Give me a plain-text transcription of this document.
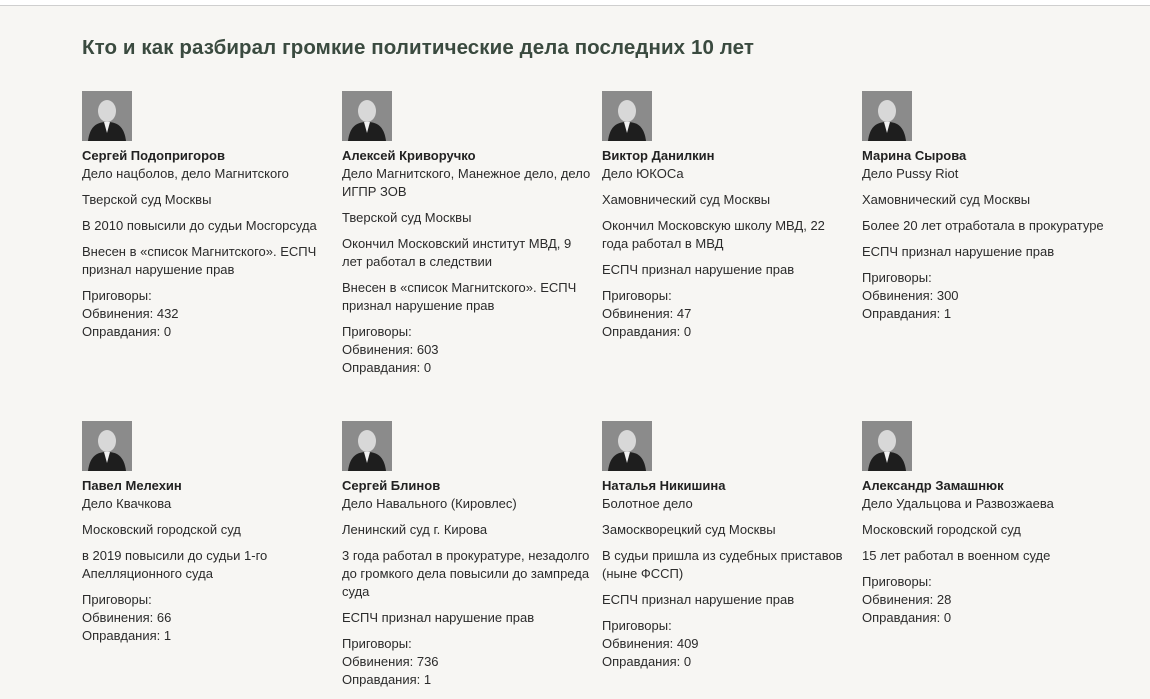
Кто и как разбирал громкие политические дела последних 10 лет
Сергей Подопригоров

Дело нацболов, дело Магнитского

Тверской суд Москвы

В 2010 повысили до судьи Мосгорсуда

Внесен в «список Магнитского». ЕСПЧ признал нарушение прав

Приговоры:

Обвинения: 432

Оправдания: 0

Алексей Криворучко

Дело Магнитского, Манежное дело, дело ИГПР ЗОВ

Тверской суд Москвы

Окончил Московский институт МВД, 9 лет работал в следствии

Внесен в «список Магнитского». ЕСПЧ признал нарушение прав

Приговоры:

Обвинения: 603

Оправдания: 0

Виктор Данилкин

Дело ЮКОСа

Хамовнический суд Москвы

Окончил Московскую школу МВД, 22 года работал в МВД

ЕСПЧ признал нарушение прав

Приговоры:

Обвинения: 47

Оправдания: 0

Марина Сырова

Дело Pussy Riot

Хамовнический суд Москвы

Более 20 лет отработала в прокуратуре

ЕСПЧ признал нарушение прав

Приговоры:

Обвинения: 300

Оправдания: 1

Павел Мелехин

Дело Квачкова

Московский городской суд

в 2019 повысили до судьи 1-го Апелляционного суда

Приговоры:

Обвинения: 66

Оправдания: 1

Сергей Блинов

Дело Навального (Кировлес)

Ленинский суд г. Кирова

3 года работал в прокуратуре, незадолго до громкого дела повысили до зампреда суда

ЕСПЧ признал нарушение прав

Приговоры:

Обвинения: 736

Оправдания: 1

Наталья Никишина

Болотное дело

Замоскворецкий суд Москвы

В судьи пришла из судебных приставов (ныне ФССП)

ЕСПЧ признал нарушение прав

Приговоры:

Обвинения: 409

Оправдания: 0

Александр Замашнюк

Дело Удальцова и Развозжаева

Московский городской суд

15 лет работал в военном суде

Приговоры:

Обвинения: 28

Оправдания: 0
